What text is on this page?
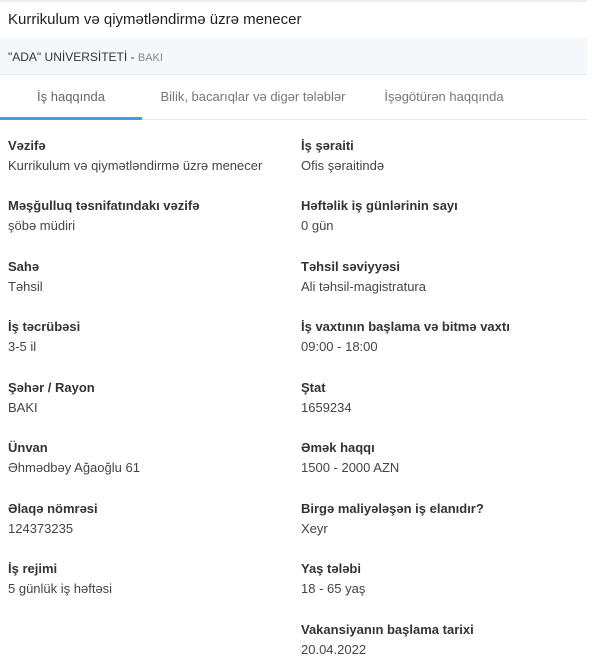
Kurrikulum və qiymətləndirmə üzrə menecer
"ADA" UNİVERSİTETİ - BAKI
İş haqqında	Bilik, bacarıqlar və digər tələblər	İşəgötürən haqqında
Vəzifə
Kurrikulum və qiymətləndirmə üzrə menecer
Məşğulluq təsnifatındakı vəzifə
şöbə müdiri
Sahə
Təhsil
İş təcrübəsi
3-5 il
Şəhər / Rayon
BAKI
Ünvan
Əhmədbəy Ağaoğlu 61
Əlaqə nömrəsi
124373235
İş rejimi
5 günlük iş həftəsi
İş şəraiti
Ofis şəraitində
Həftəlik iş günlərinin sayı
0 gün
Təhsil səviyyəsi
Ali təhsil-magistratura
İş vaxtının başlama və bitmə vaxtı
09:00 - 18:00
Ştat
1659234
Əmək haqqı
1500 - 2000 AZN
Birgə maliyələşən iş elanıdır?
Xeyr
Yaş tələbi
18 - 65 yaş
Vakansiyanın başlama tarixi
20.04.2022
